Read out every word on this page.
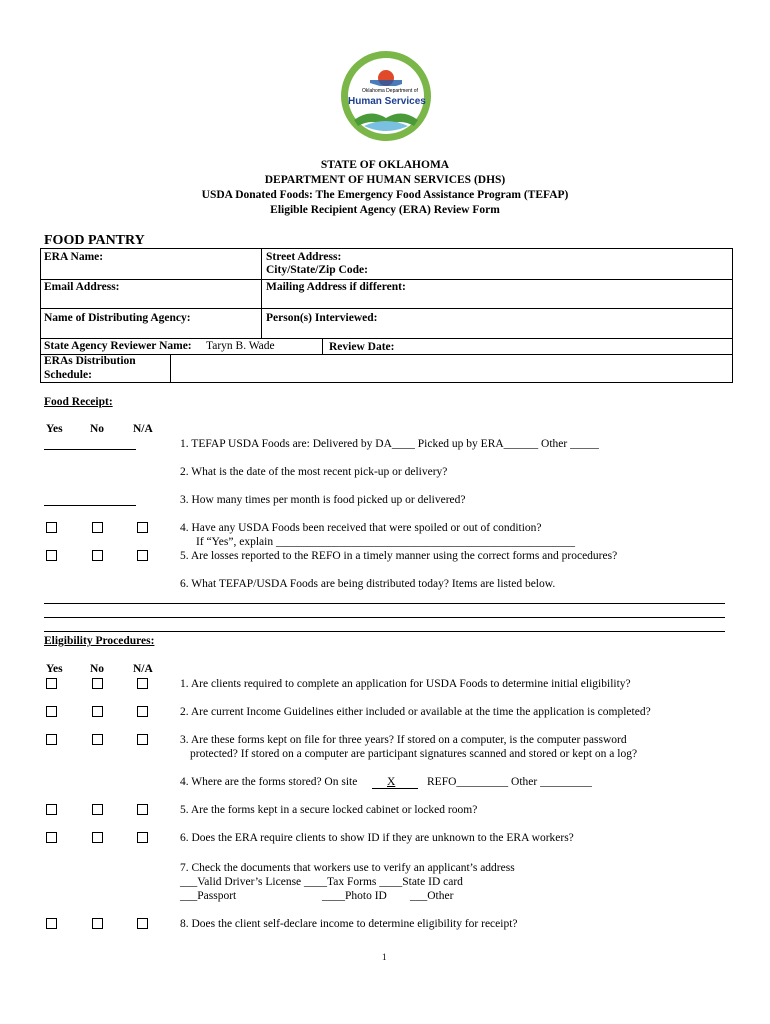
Oklahoma Department of
Human Services
STATE OF OKLAHOMA
DEPARTMENT OF HUMAN SERVICES (DHS)
USDA Donated Foods: The Emergency Food Assistance Program (TEFAP)
Eligible Recipient Agency (ERA) Review Form
FOOD PANTRY
ERA Name:	Street Address:
City/State/Zip Code:
Email Address:	Mailing Address if different:
Name of Distributing Agency:	Person(s) Interviewed:
State Agency Reviewer Name: Taryn B. Wade	Review Date:
ERAs Distribution
Schedule:
Food Receipt:
Yes No	N/A
1. TEFAP USDA Foods are: Delivered by DA____ Picked up by ERA______ Other _____
2. What is the date of the most recent pick-up or delivery?
3. How many times per month is food picked up or delivered?
4. Have any USDA Foods been received that were spoiled or out of condition?
If “Yes”, explain ____________________________________________________
5. Are losses reported to the REFO in a timely manner using the correct forms and procedures?
6. What TEFAP/USDA Foods are being distributed today? Items are listed below.
Eligibility Procedures:
Yes No	N/A
1. Are clients required to complete an application for USDA Foods to determine initial eligibility?
2. Are current Income Guidelines either included or available at the time the application is completed?
3. Are these forms kept on file for three years? If stored on a computer, is the computer password
protected? If stored on a computer are participant signatures scanned and stored or kept on a log?
4. Where are the forms stored? On site	X	REFO_________ Other _________
5. Are the forms kept in a secure locked cabinet or locked room?
6. Does the ERA require clients to show ID if they are unknown to the ERA workers?
7. Check the documents that workers use to verify an applicant’s address
___Valid Driver’s License ____Tax Forms ____State ID card
___Passport	____Photo ID ___Other
8. Does the client self-declare income to determine eligibility for receipt?
1
